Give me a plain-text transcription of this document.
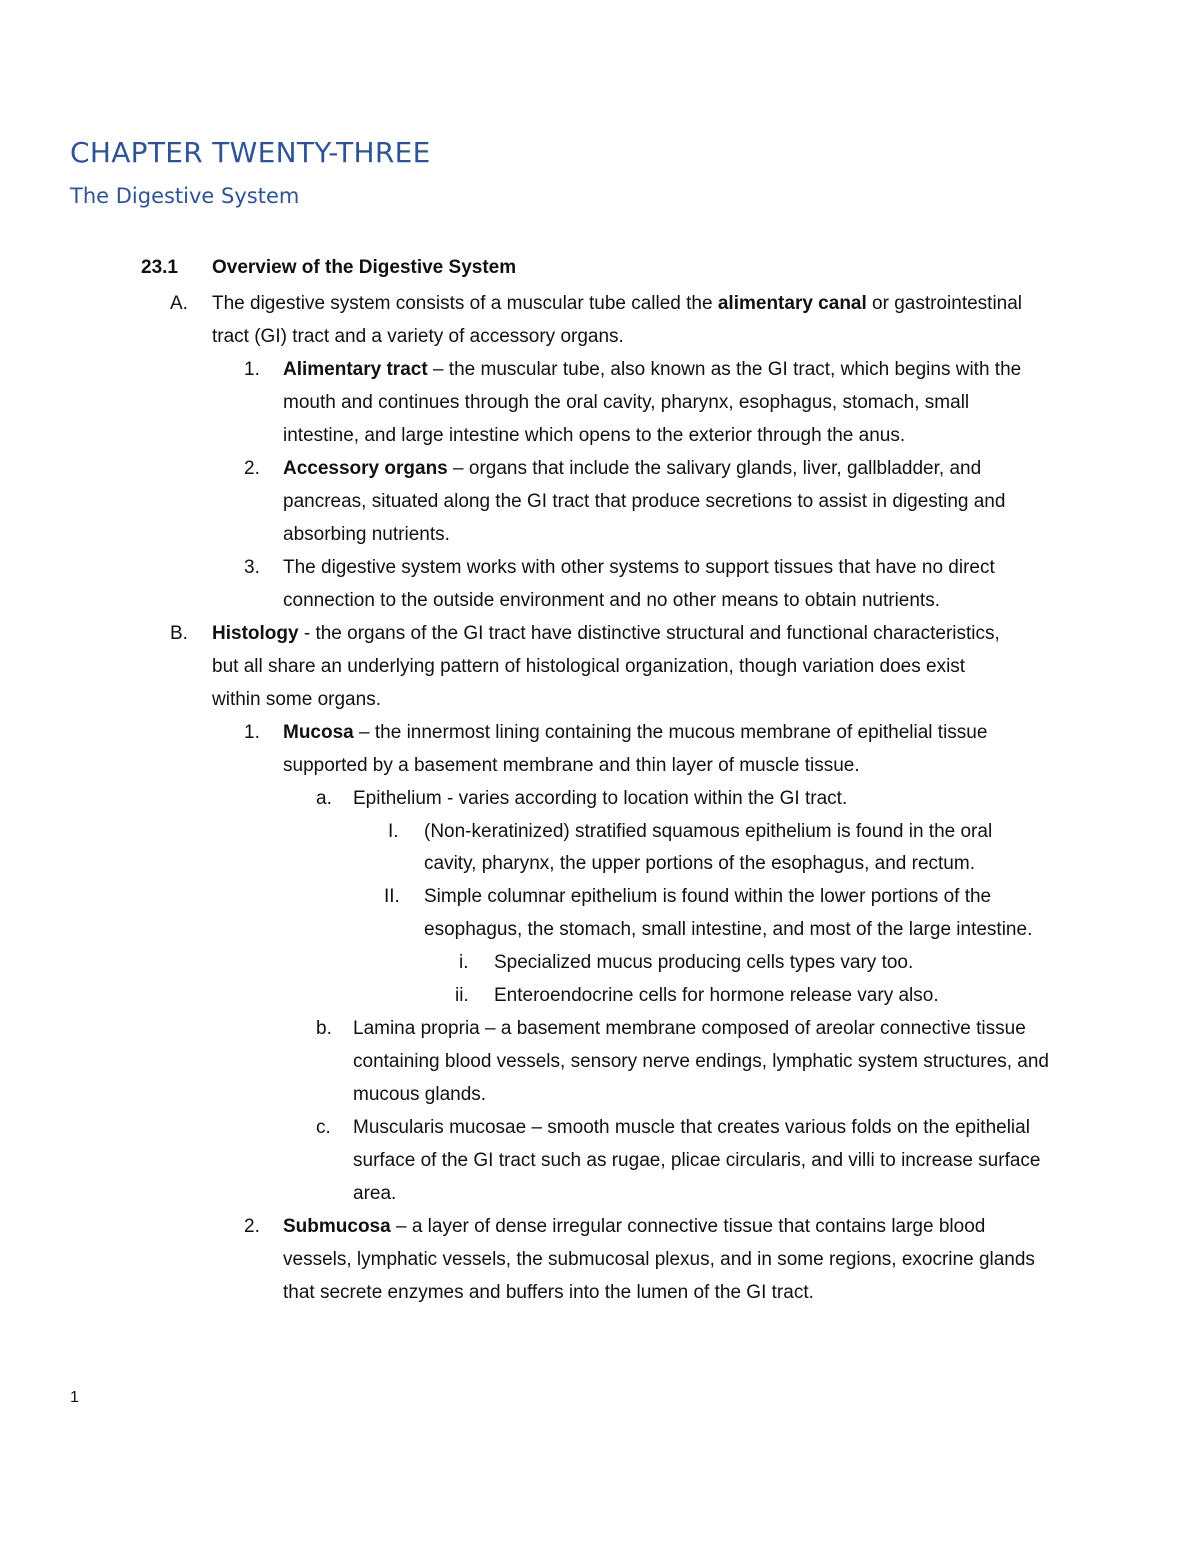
CHAPTER TWENTY-THREE
The Digestive System
23.1 Overview of the Digestive System
A.	The digestive system consists of a muscular tube called the alimentary canal or gastrointestinal
tract (GI) tract and a variety of accessory organs.
1. Alimentary tract – the muscular tube, also known as the GI tract, which begins with the
mouth and continues through the oral cavity, pharynx, esophagus, stomach, small
intestine, and large intestine which opens to the exterior through the anus.
2. Accessory organs – organs that include the salivary glands, liver, gallbladder, and
pancreas, situated along the GI tract that produce secretions to assist in digesting and
absorbing nutrients.
3. The digestive system works with other systems to support tissues that have no direct
connection to the outside environment and no other means to obtain nutrients.
B.	Histology - the organs of the GI tract have distinctive structural and functional characteristics,
but all share an underlying pattern of histological organization, though variation does exist
within some organs.
1. Mucosa – the innermost lining containing the mucous membrane of epithelial tissue
supported by a basement membrane and thin layer of muscle tissue.
a. Epithelium - varies according to location within the GI tract.
I. (Non-keratinized) stratified squamous epithelium is found in the oral
cavity, pharynx, the upper portions of the esophagus, and rectum.
II. Simple columnar epithelium is found within the lower portions of the
esophagus, the stomach, small intestine, and most of the large intestine.
i. Specialized mucus producing cells types vary too.
ii. Enteroendocrine cells for hormone release vary also.
b. Lamina propria – a basement membrane composed of areolar connective tissue
containing blood vessels, sensory nerve endings, lymphatic system structures, and
mucous glands.
c. Muscularis mucosae – smooth muscle that creates various folds on the epithelial
surface of the GI tract such as rugae, plicae circularis, and villi to increase surface
area.
2. Submucosa – a layer of dense irregular connective tissue that contains large blood
vessels, lymphatic vessels, the submucosal plexus, and in some regions, exocrine glands
that secrete enzymes and buffers into the lumen of the GI tract.
1
